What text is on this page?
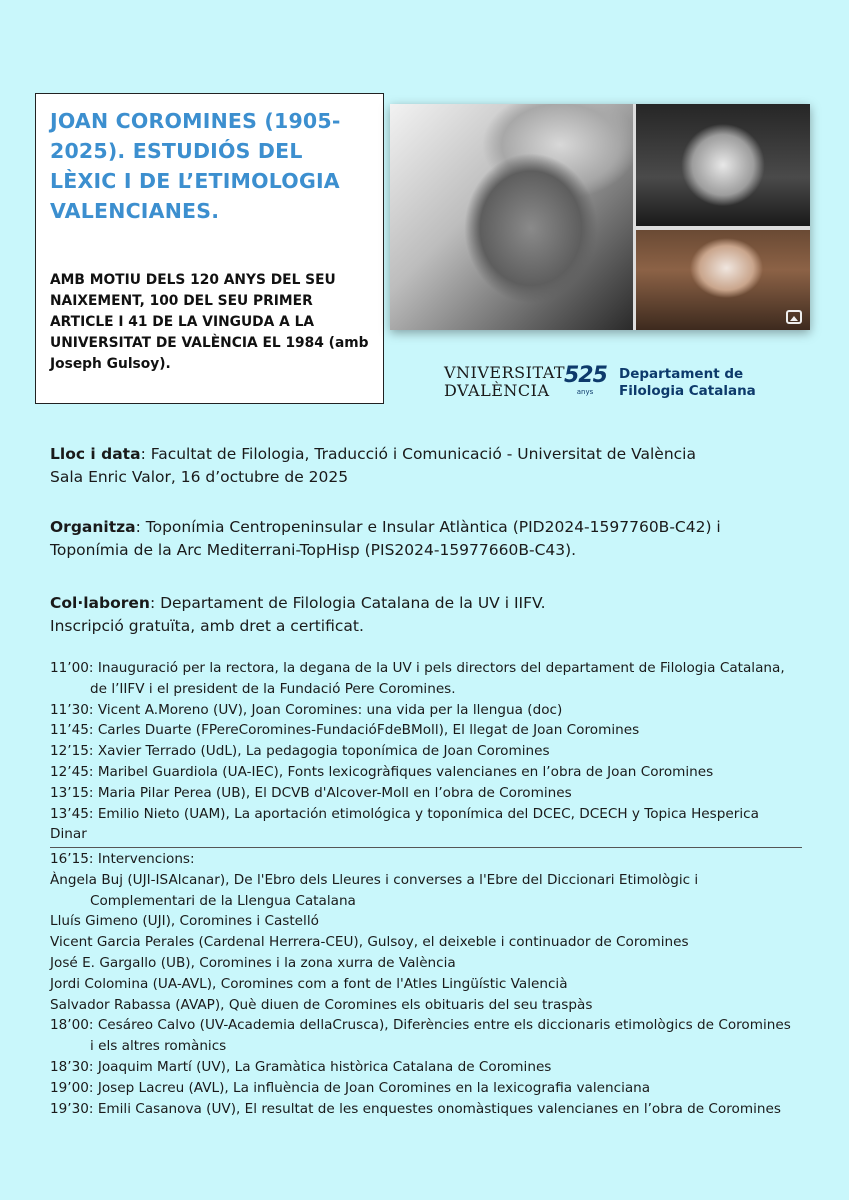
JOAN COROMINES (1905-2025). ESTUDIÓS DEL LÈXIC I DE L’ETIMOLOGIA VALENCIANES.
AMB MOTIU DELS 120 ANYS DEL SEU NAIXEMENT, 100 DEL SEU PRIMER ARTICLE I 41 DE LA VINGUDA A LA UNIVERSITAT DE VALÈNCIA EL 1984 (amb Joseph Gulsoy).	VNIVERSITAT
DVALÈNCIA
525
anys
Departament de
Filologia Catalana
Lloc i data: Facultat de Filologia, Traducció i Comunicació - Universitat de València
Sala Enric Valor, 16 d’octubre de 2025
Organitza: Toponímia Centropeninsular e Insular Atlàntica (PID2024-1597760B-C42) i
Toponímia de la Arc Mediterrani-TopHisp (PIS2024-15977660B-C43).
Col·laboren: Departament de Filologia Catalana de la UV i IIFV.
Inscripció gratuïta, amb dret a certificat.
11’00: Inauguració per la rectora, la degana de la UV i pels directors del departament de Filologia Catalana,
de l’IIFV i el president de la Fundació Pere Coromines.
11’30: Vicent A.Moreno (UV), Joan Coromines: una vida per la llengua (doc)
11’45: Carles Duarte (FPereCoromines-FundacióFdeBMoll), El llegat de Joan Coromines
12’15: Xavier Terrado (UdL), La pedagogia toponímica de Joan Coromines
12’45: Maribel Guardiola (UA-IEC), Fonts lexicogràfiques valencianes en l’obra de Joan Coromines
13’15: Maria Pilar Perea (UB), El DCVB d'Alcover-Moll en l’obra de Coromines
13’45: Emilio Nieto (UAM), La aportación etimológica y toponímica del DCEC, DCECH y Topica Hesperica
Dinar
16’15: Intervencions:
Àngela Buj (UJI-ISAlcanar), De l'Ebro dels Lleures i converses a l'Ebre del Diccionari Etimològic i
Complementari de la Llengua Catalana
Lluís Gimeno (UJI), Coromines i Castelló
Vicent Garcia Perales (Cardenal Herrera-CEU), Gulsoy, el deixeble i continuador de Coromines
José E. Gargallo (UB), Coromines i la zona xurra de València
Jordi Colomina (UA-AVL), Coromines com a font de l'Atles Lingüístic Valencià
Salvador Rabassa (AVAP), Què diuen de Coromines els obituaris del seu traspàs
18’00: Cesáreo Calvo (UV-Academia dellaCrusca), Diferències entre els diccionaris etimològics de Coromines
i els altres romànics
18’30: Joaquim Martí (UV), La Gramàtica històrica Catalana de Coromines
19’00: Josep Lacreu (AVL), La influència de Joan Coromines en la lexicografia valenciana
19’30: Emili Casanova (UV), El resultat de les enquestes onomàstiques valencianes en l’obra de Coromines
